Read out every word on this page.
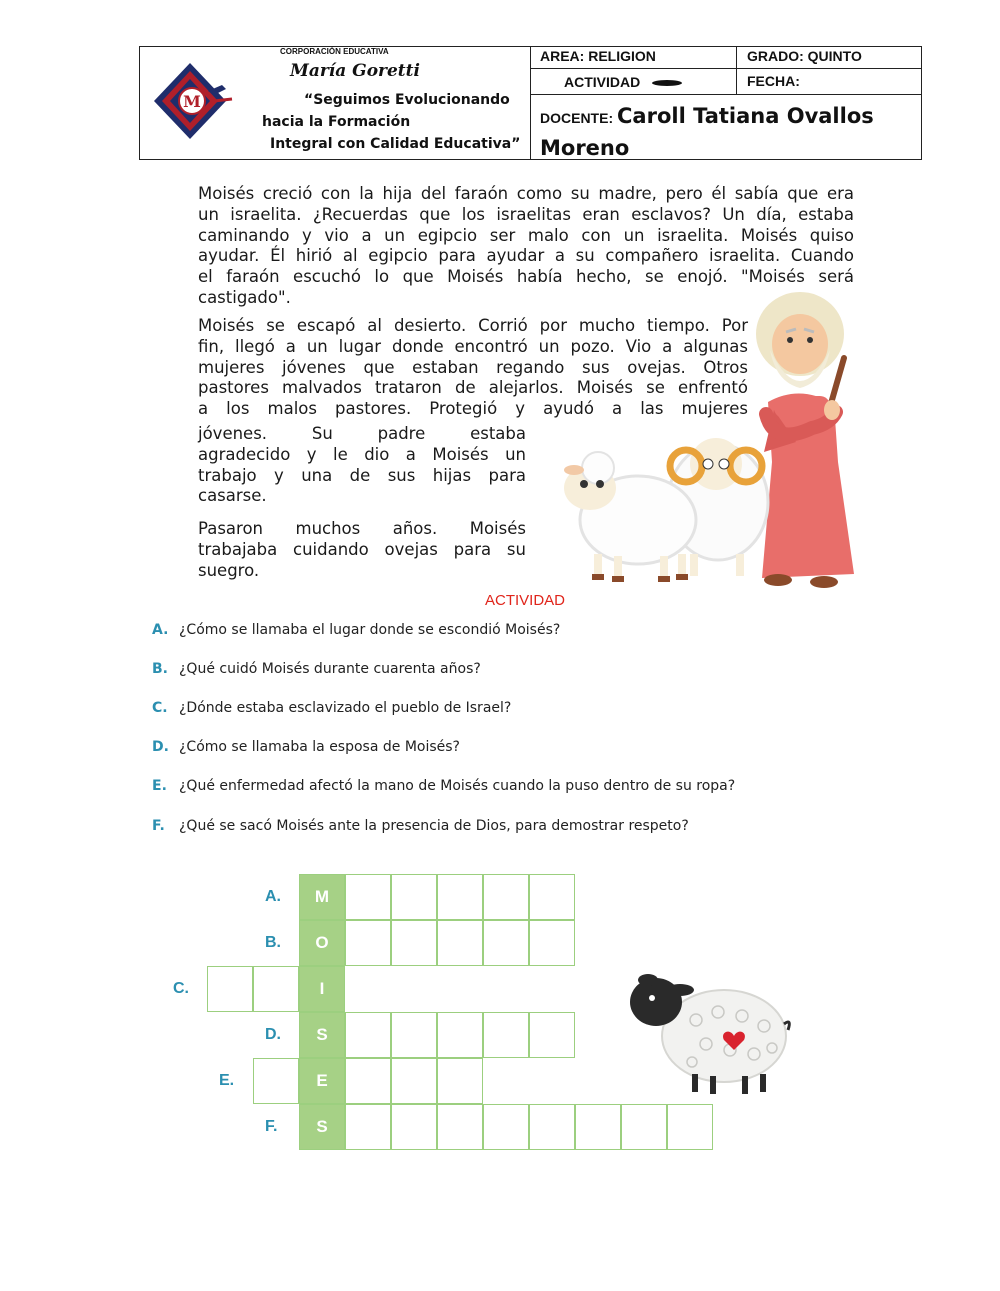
M
CORPORACIÓN EDUCATIVA
María Goretti
“Seguimos Evolucionando
hacia la Formación
Integral con Calidad Educativa”
AREA: RELIGION	GRADO: QUINTO
ACTIVIDAD	FECHA:
DOCENTE: Caroll Tatiana Ovallos
Moreno
Moisés creció con la hija del faraón como su madre, pero él sabía que era
un israelita. ¿Recuerdas que los israelitas eran esclavos? Un día, estaba
caminando y vio a un egipcio ser malo con un israelita. Moisés quiso
ayudar. Él hirió al egipcio para ayudar a su compañero israelita. Cuando
el faraón escuchó lo que Moisés había hecho, se enojó. "Moisés será
castigado".
Moisés se escapó al desierto. Corrió por mucho tiempo. Por
fin, llegó a un lugar donde encontró un pozo. Vio a algunas
mujeres jóvenes que estaban regando sus ovejas. Otros
pastores malvados trataron de alejarlos. Moisés se enfrentó
a los malos pastores. Protegió y ayudó a las mujeres
jóvenes. Su padre estaba
agradecido y le dio a Moisés un
trabajo y una de sus hijas para
casarse.
Pasaron muchos años. Moisés
trabajaba cuidando ovejas para su
suegro.
ACTIVIDAD
A. ¿Cómo se llamaba el lugar donde se escondió Moisés?
B. ¿Qué cuidó Moisés durante cuarenta años?
C. ¿Dónde estaba esclavizado el pueblo de Israel?
D. ¿Cómo se llamaba la esposa de Moisés?
E. ¿Qué enfermedad afectó la mano de Moisés cuando la puso dentro de su ropa?
F. ¿Qué se sacó Moisés ante la presencia de Dios, para demostrar respeto?
A.	M
B.	O
C.	I
D.	S
E.	E
F.	S
